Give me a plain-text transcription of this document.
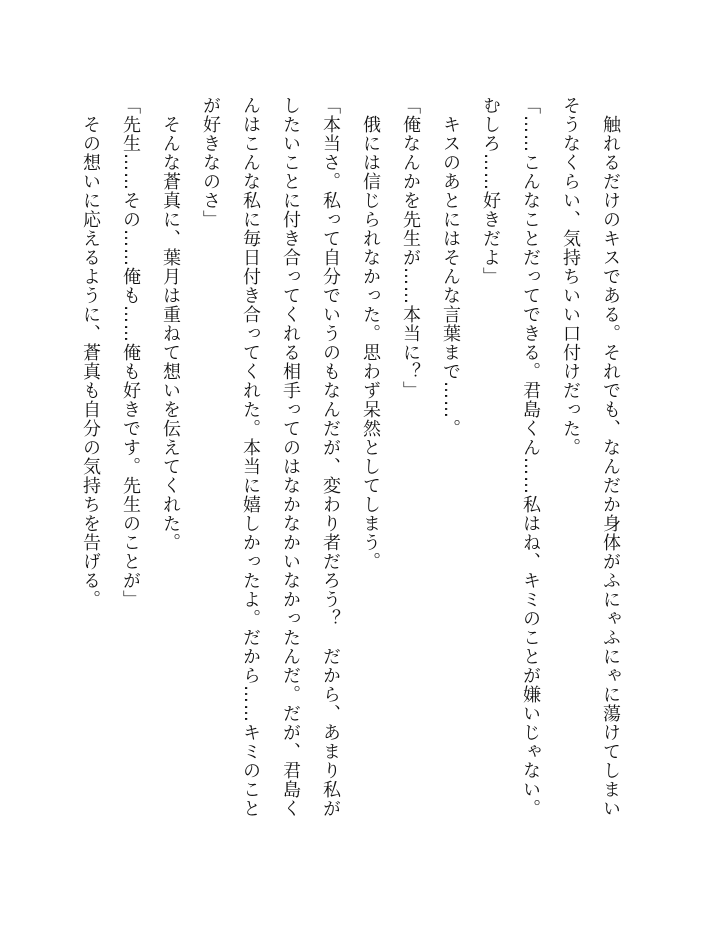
　触れるだけのキスである。それでも、なんだか身体がふにゃふにゃに蕩けてしまいそうなくらい、気持ちいい口付けだった。
「……こんなことだってできる。君島くん……私はね、キミのことが嫌いじゃない。むしろ……好きだよ」
　キスのあとにはそんな言葉まで……。
「俺なんかを先生が……本当に？」
　俄には信じられなかった。思わず呆然としてしまう。
「本当さ。私って自分でいうのもなんだが、変わり者だろう？　だから、あまり私がしたいことに付き合ってくれる相手ってのはなかなかいなかったんだ。だが、君島くんはこんな私に毎日付き合ってくれた。本当に嬉しかったよ。だから……キミのことが好きなのさ」
　そんな蒼真に、葉月は重ねて想いを伝えてくれた。
「先生……その……俺も……俺も好きです。先生のことが」
　その想いに応えるように、蒼真も自分の気持ちを告げる。
